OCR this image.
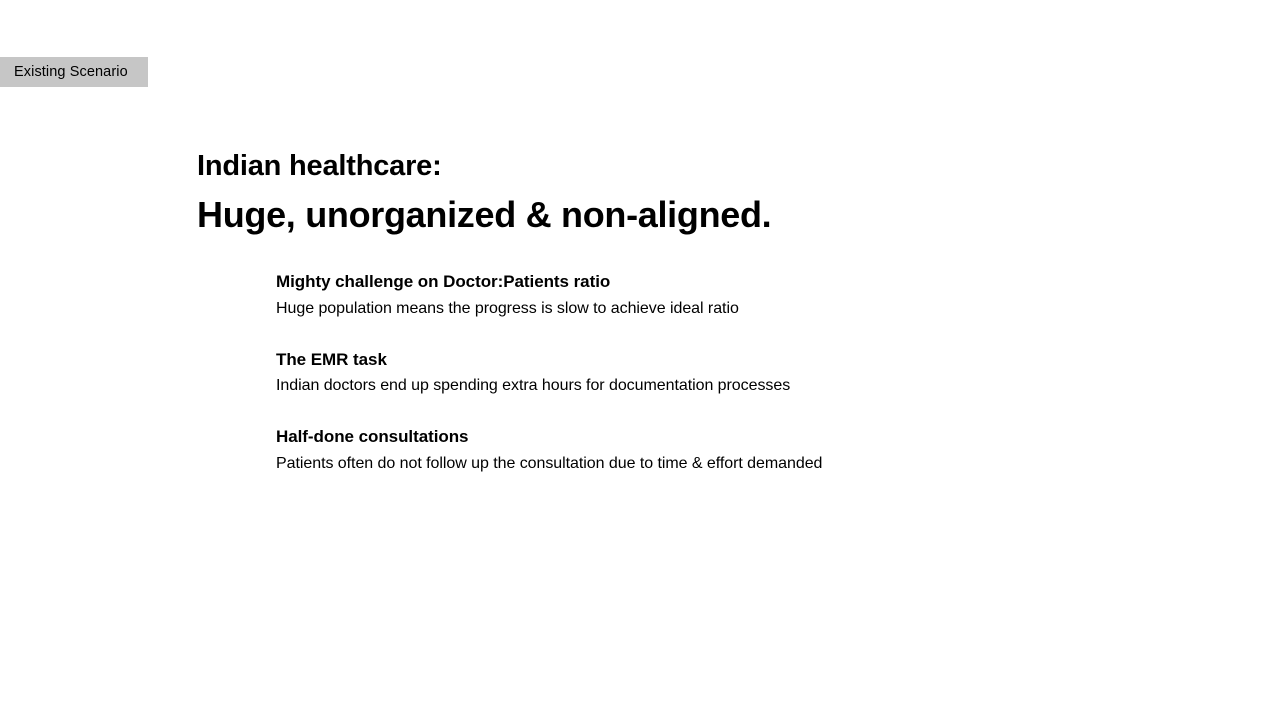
Existing Scenario
Indian healthcare:
Huge, unorganized & non-aligned.
Mighty challenge on Doctor:Patients ratio
Huge population means the progress is slow to achieve ideal ratio
The EMR task
Indian doctors end up spending extra hours for documentation processes
Half-done consultations
Patients often do not follow up the consultation due to time & effort demanded
